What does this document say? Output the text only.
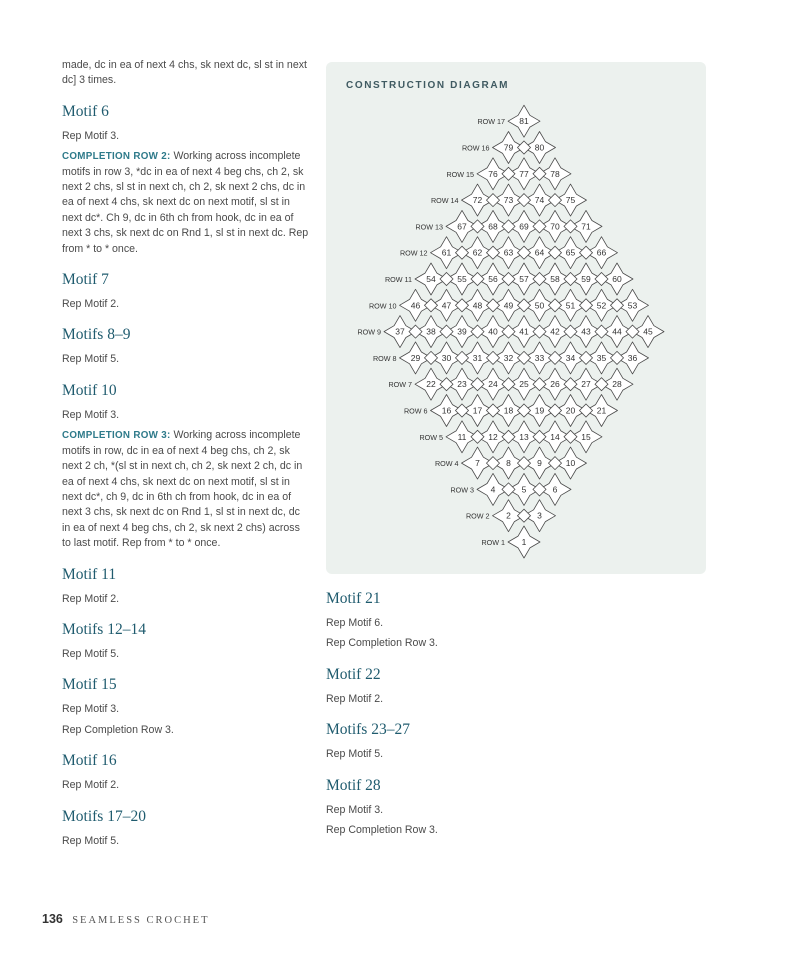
made, dc in ea of next 4 chs, sk next dc, sl st in next dc] 3 times.

Motif 6

Rep Motif 3.

COMPLETION ROW 2: Working across incomplete motifs in row 3, *dc in ea of next 4 beg chs, ch 2, sk next 2 chs, sl st in next ch, ch 2, sk next 2 chs, dc in ea of next 4 chs, sk next dc on next motif, sl st in next dc*. Ch 9, dc in 6th ch from hook, dc in ea of next 3 chs, sk next dc on Rnd 1, sl st in next dc. Rep from * to * once.

Motif 7

Rep Motif 2.

Motifs 8–9

Rep Motif 5.

Motif 10

Rep Motif 3.

COMPLETION ROW 3: Working across incomplete motifs in row, dc in ea of next 4 beg chs, ch 2, sk next 2 ch, *(sl st in next ch, ch 2, sk next 2 ch, dc in ea of next 4 chs, sk next dc on next motif, sl st in next dc*, ch 9, dc in 6th ch from hook, dc in ea of next 3 chs, sk next dc on Rnd 1, sl st in next dc, dc in ea of next 4 beg chs, ch 2, sk next 2 chs) across to last motif. Rep from * to * once.

Motif 11

Rep Motif 2.

Motifs 12–14

Rep Motif 5.

Motif 15

Rep Motif 3.

Rep Completion Row 3.

Motif 16

Rep Motif 2.

Motifs 17–20

Rep Motif 5.

CONSTRUCTION DIAGRAM
1
ROW 1
2	3
ROW 2
4	5	6
ROW 3
7	8	9	10
ROW 4
11	12	13	14	15
ROW 5
16	17	18	19	20	21
ROW 6
22	23	24	25	26	27	28
ROW 7
29	30	31	32	33	34	35	36
ROW 8
37	38	39	40	41	42	43	44	45
ROW 9
46	47	48	49	50	51	52	53
ROW 10
54	55	56	57	58	59	60
ROW 11
61	62	63	64	65	66
ROW 12
67	68	69	70	71
ROW 13
72	73	74	75
ROW 14
76	77	78
ROW 15
79	80
ROW 16
81
ROW 17
Motif 21

Rep Motif 6.

Rep Completion Row 3.

Motif 22

Rep Motif 2.

Motifs 23–27

Rep Motif 5.

Motif 28

Rep Motif 3.

Rep Completion Row 3.

136 SEAMLESS CROCHET
